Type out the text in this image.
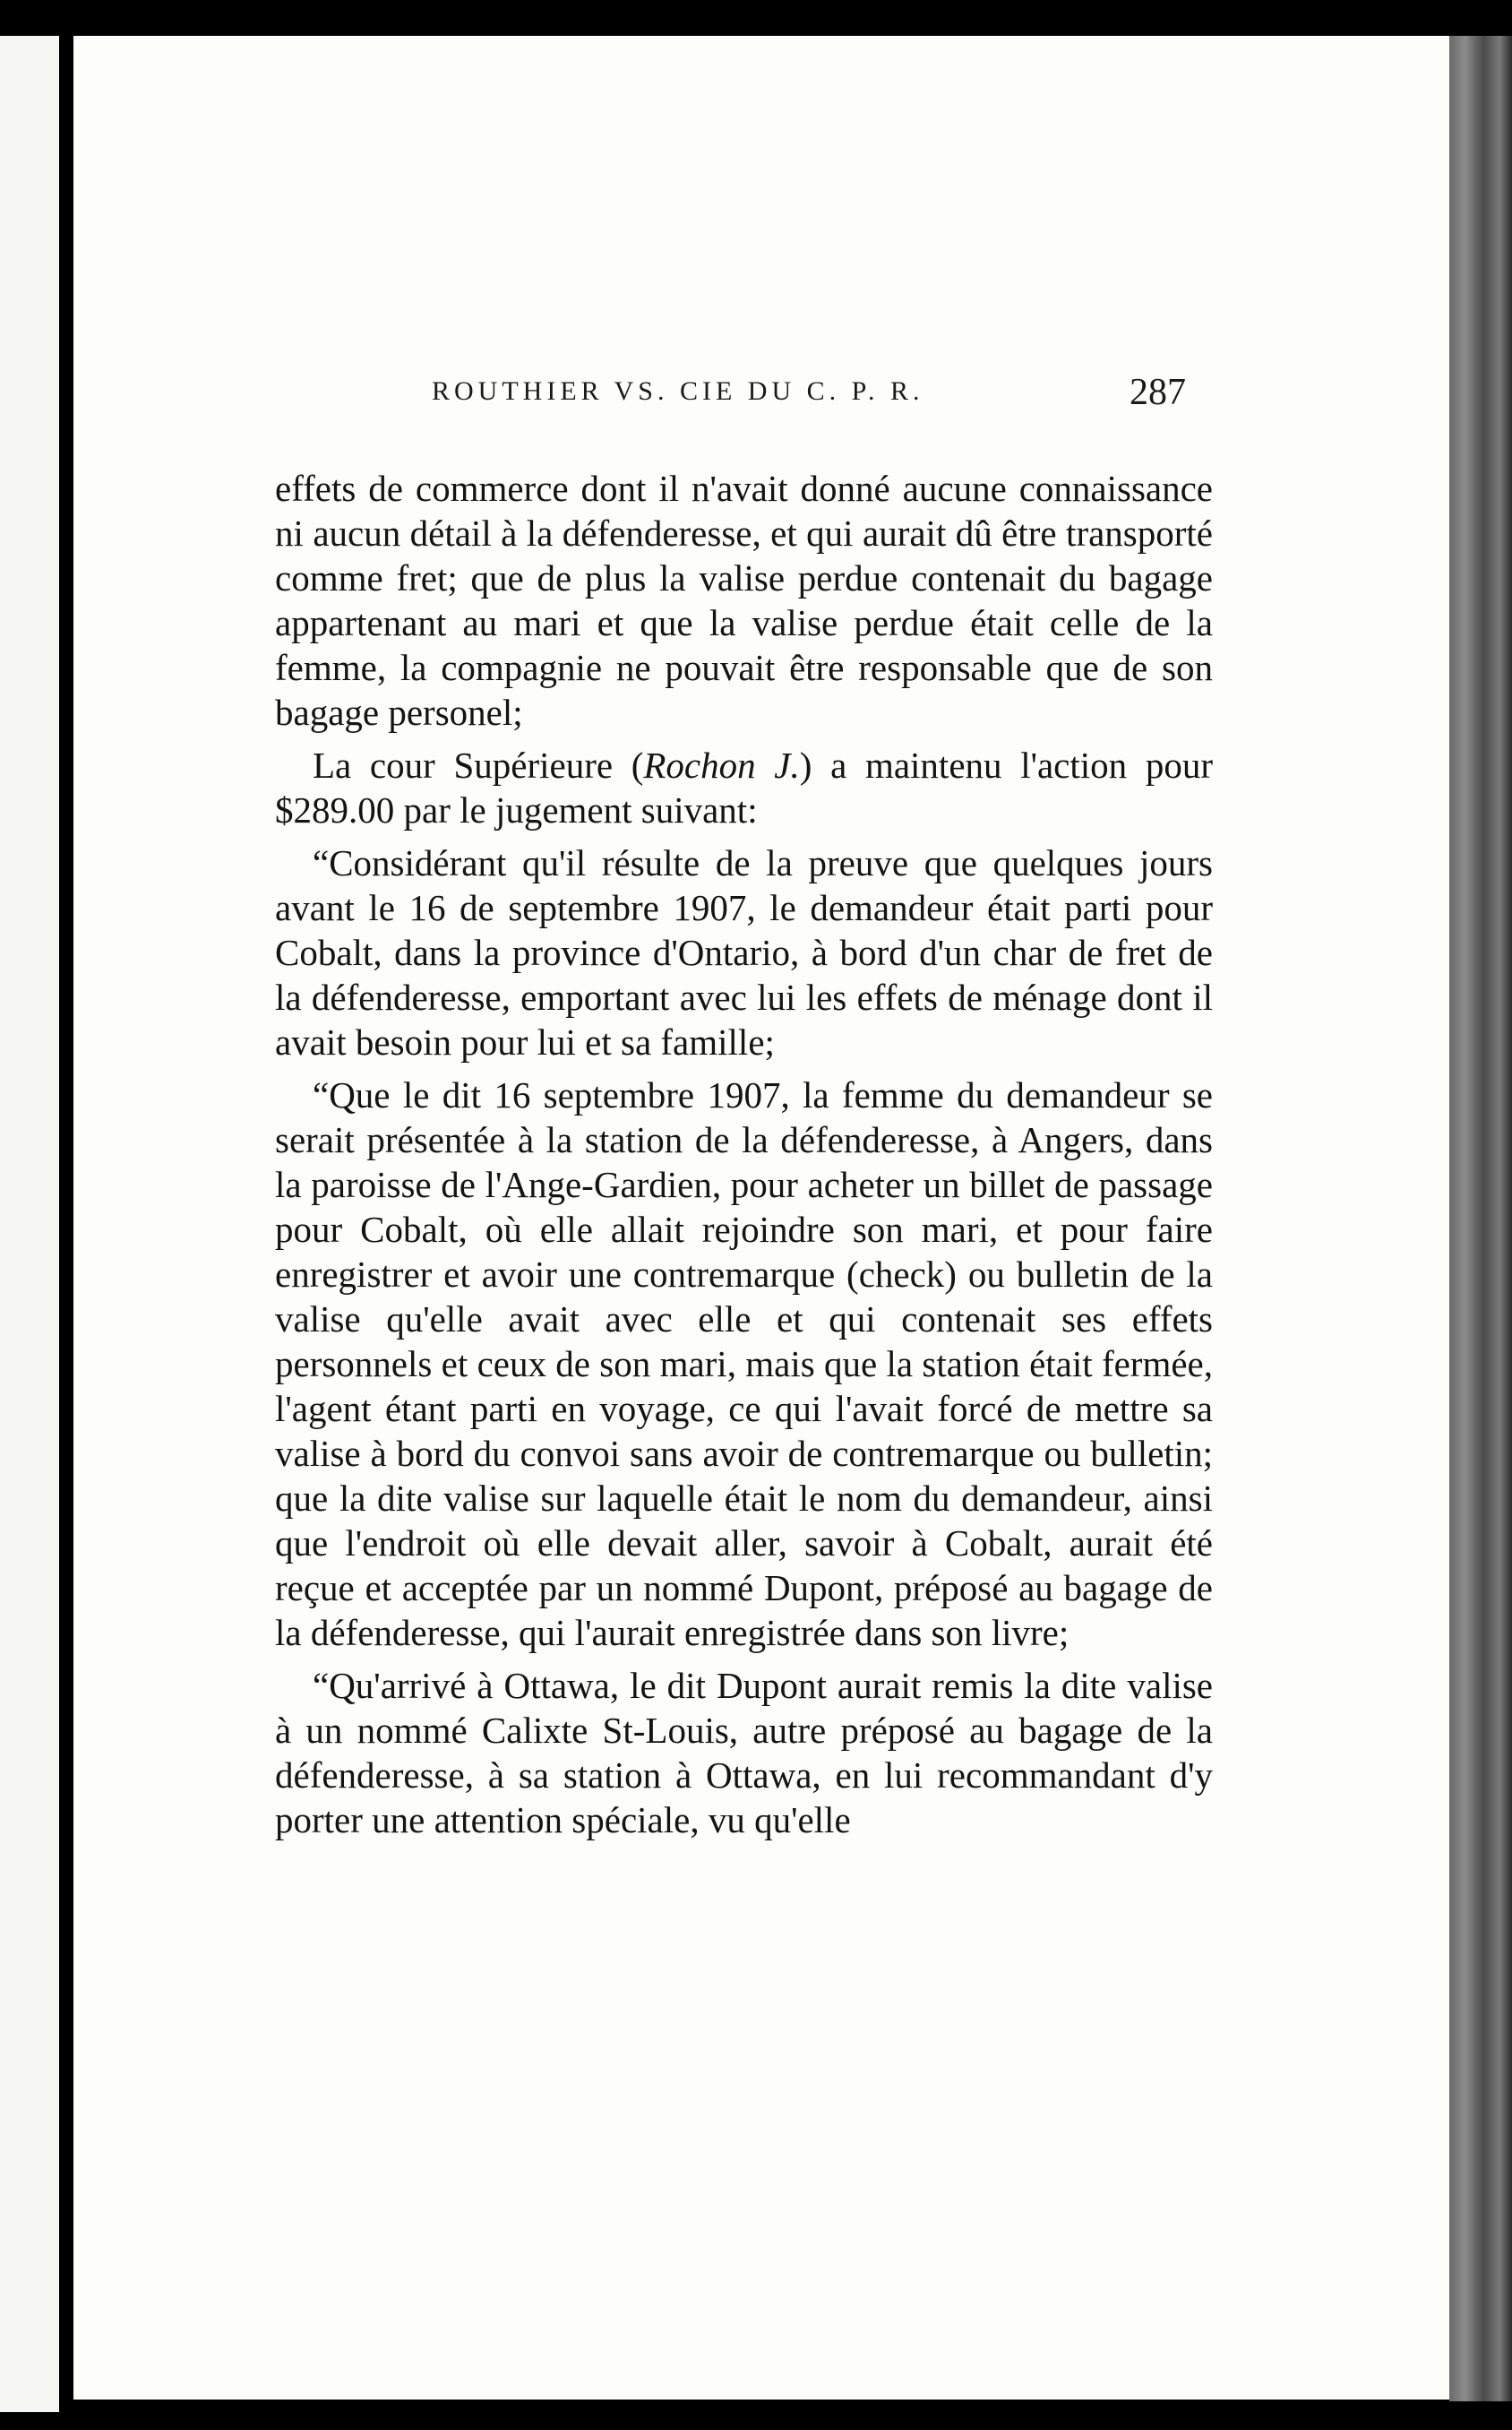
ROUTHIER VS. CIE DU C. P. R.	287

effets de commerce dont il n'avait donné aucune connaissance ni aucun détail à la défenderesse, et qui aurait dû être transporté comme fret; que de plus la valise perdue contenait du bagage appartenant au mari et que la valise perdue était celle de la femme, la compagnie ne pouvait être responsable que de son bagage personel;

La cour Supérieure (Rochon J.) a maintenu l'action pour $289.00 par le jugement suivant:

“Considérant qu'il résulte de la preuve que quelques jours avant le 16 de septembre 1907, le demandeur était parti pour Cobalt, dans la province d'Ontario, à bord d'un char de fret de la défenderesse, emportant avec lui les effets de ménage dont il avait besoin pour lui et sa famille;

“Que le dit 16 septembre 1907, la femme du demandeur se serait présentée à la station de la défenderesse, à Angers, dans la paroisse de l'Ange-Gardien, pour acheter un billet de passage pour Cobalt, où elle allait rejoindre son mari, et pour faire enregistrer et avoir une contremarque (check) ou bulletin de la valise qu'elle avait avec elle et qui contenait ses effets personnels et ceux de son mari, mais que la station était fermée, l'agent étant parti en voyage, ce qui l'avait forcé de mettre sa valise à bord du convoi sans avoir de contremarque ou bulletin; que la dite valise sur laquelle était le nom du demandeur, ainsi que l'endroit où elle devait aller, savoir à Cobalt, aurait été reçue et acceptée par un nommé Dupont, préposé au bagage de la défenderesse, qui l'aurait enregistrée dans son livre;

“Qu'arrivé à Ottawa, le dit Dupont aurait remis la dite valise à un nommé Calixte St-Louis, autre préposé au bagage de la défenderesse, à sa station à Ottawa, en lui recommandant d'y porter une attention spéciale, vu qu'elle
